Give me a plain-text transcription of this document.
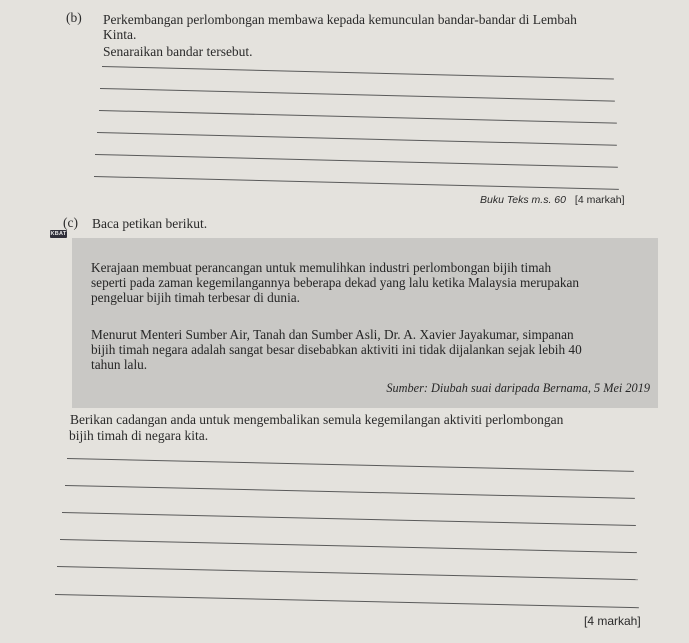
(b) Perkembangan perlombongan membawa kepada kemunculan bandar-bandar di Lembah
Kinta.
Senaraikan bandar tersebut.
Buku Teks m.s. 60 [4 markah]
(c) Baca petikan berikut.
KBAT
Kerajaan membuat perancangan untuk memulihkan industri perlombongan bijih timah
seperti pada zaman kegemilangannya beberapa dekad yang lalu ketika Malaysia merupakan
pengeluar bijih timah terbesar di dunia.
Menurut Menteri Sumber Air, Tanah dan Sumber Asli, Dr. A. Xavier Jayakumar, simpanan
bijih timah negara adalah sangat besar disebabkan aktiviti ini tidak dijalankan sejak lebih 40
tahun lalu.
Sumber: Diubah suai daripada Bernama, 5 Mei 2019
Berikan cadangan anda untuk mengembalikan semula kegemilangan aktiviti perlombongan
bijih timah di negara kita.
[4 markah]
